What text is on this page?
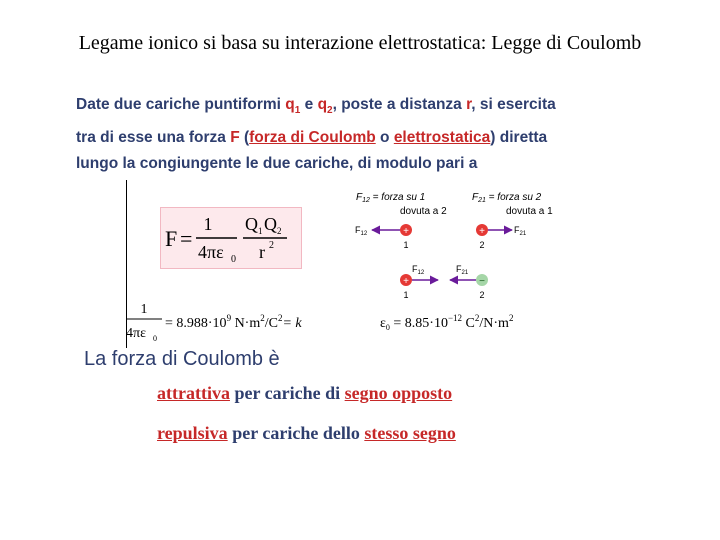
Legame ionico si basa su interazione elettrostatica: Legge di Coulomb
Date due cariche puntiformi $q_1$ e $q_2$, poste a distanza r, si esercita
tra di esse una forza F (forza di Coulomb o elettrostatica) diretta
lungo la congiungente le due cariche, di modulo pari a
F =
1
4πε 0
Q 1 Q 2
r 2
$F_{12}$ = forza su 1
dovuta a 2
$F_{21}$ = forza su 2
dovuta a 1
$F_{12}$	+
1
+	$F_{21}$
2
$F_{12}$
+
1
$F_{21}$
−
2
1
4πε 0
= $8.988\cdot 10^9$ $N\cdot m^2/C^2= k$	$\varepsilon_0 = 8.85\cdot 10^{-12}$ $C^2/N\cdot m^2$
La forza di Coulomb è
attrattiva per cariche di segno opposto
repulsiva per cariche dello stesso segno
